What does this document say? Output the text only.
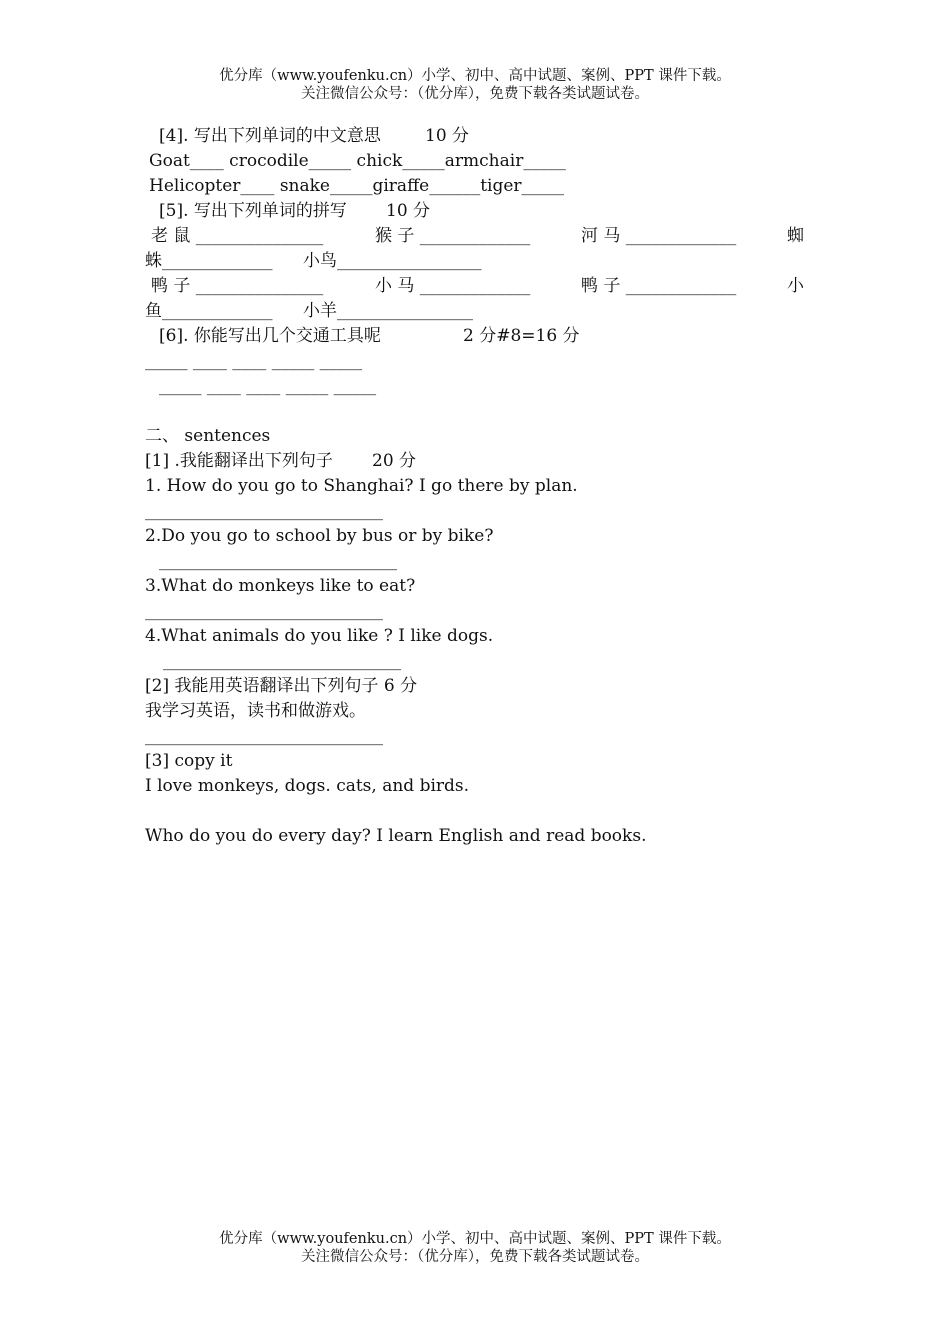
优分库（www.youfenku.cn）小学、初中、高中试题、案例、PPT 课件下载。
关注微信公众号：（优分库），免费下载各类试题试卷。
[4]. 写出下列单词的中文意思	10 分
Goat____ crocodile_____ chick_____armchair_____
Helicopter____ snake_____giraffe______tiger_____
[5]. 写出下列单词的拼写 10 分
老 鼠 _______________	猴 子 _____________	河 马 _____________	蜘
蛛_____________ 小鸟_________________
鸭 子 _______________	小 马 _____________	鸭 子 _____________	小
鱼_____________ 小羊________________
[6]. 你能写出几个交通工具呢	2 分#8=16 分
_____ ____ ____ _____ _____
_____ ____ ____ _____ _____
二、 sentences
[1] .我能翻译出下列句子 20 分
1. How do you go to Shanghai? I go there by plan.
____________________________
2.Do you go to school by bus or by bike?
____________________________
3.What do monkeys like to eat?
____________________________
4.What animals do you like ? I like dogs.
____________________________
[2] 我能用英语翻译出下列句子 6 分
我学习英语，读书和做游戏。
____________________________
[3] copy it
I love monkeys, dogs. cats, and birds.
Who do you do every day? I learn English and read books.
优分库（www.youfenku.cn）小学、初中、高中试题、案例、PPT 课件下载。
关注微信公众号：（优分库），免费下载各类试题试卷。
